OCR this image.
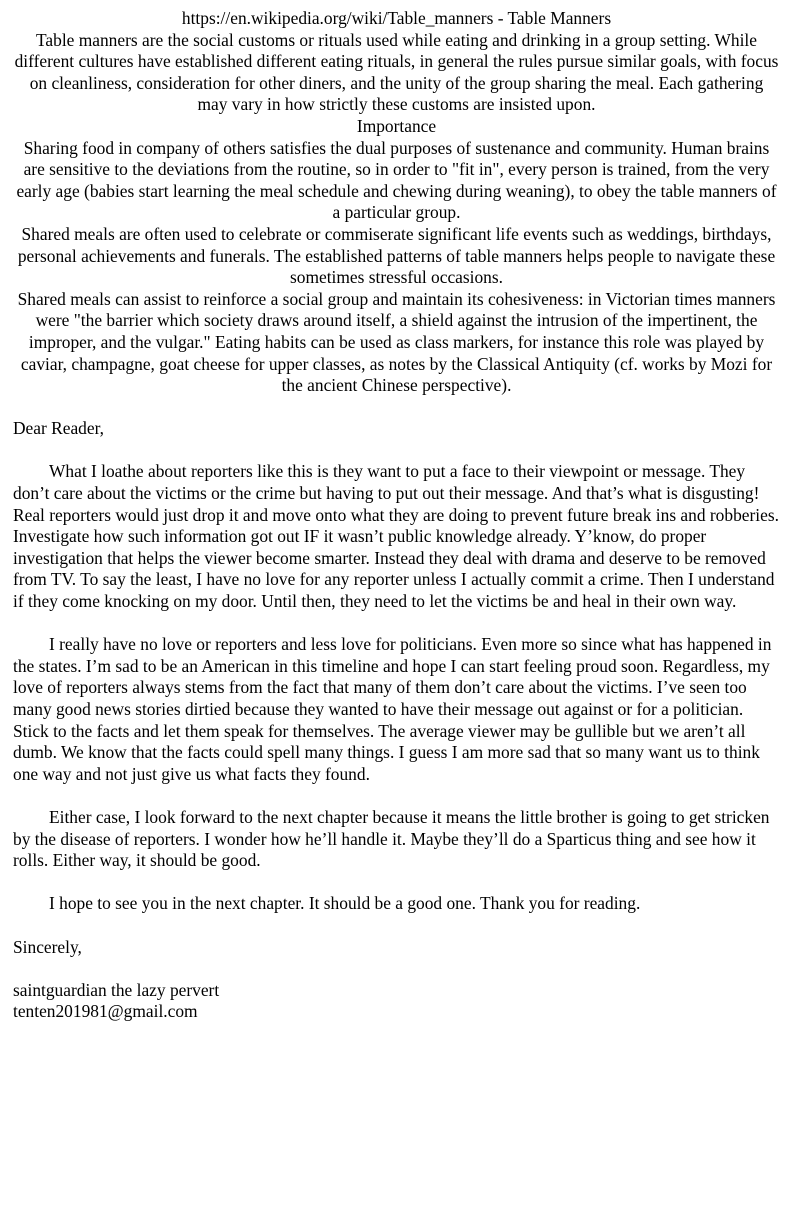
https://en.wikipedia.org/wiki/Table_manners - Table Manners

Table manners are the social customs or rituals used while eating and drinking in a group setting. While different cultures have established different eating rituals, in general the rules pursue similar goals, with focus on cleanliness, consideration for other diners, and the unity of the group sharing the meal. Each gathering may vary in how strictly these customs are insisted upon.

Importance

Sharing food in company of others satisfies the dual purposes of sustenance and community. Human brains are sensitive to the deviations from the routine, so in order to "fit in", every person is trained, from the very early age (babies start learning the meal schedule and chewing during weaning), to obey the table manners of a particular group.

Shared meals are often used to celebrate or commiserate significant life events such as weddings, birthdays, personal achievements and funerals. The established patterns of table manners helps people to navigate these sometimes stressful occasions.

Shared meals can assist to reinforce a social group and maintain its cohesiveness: in Victorian times manners were "the barrier which society draws around itself, a shield against the intrusion of the impertinent, the improper, and the vulgar." Eating habits can be used as class markers, for instance this role was played by caviar, champagne, goat cheese for upper classes, as notes by the Classical Antiquity (cf. works by Mozi for the ancient Chinese perspective).

Dear Reader,

What I loathe about reporters like this is they want to put a face to their viewpoint or message. They don’t care about the victims or the crime but having to put out their message. And that’s what is disgusting! Real reporters would just drop it and move onto what they are doing to prevent future break ins and robberies. Investigate how such information got out IF it wasn’t public knowledge already. Y’know, do proper investigation that helps the viewer become smarter. Instead they deal with drama and deserve to be removed from TV. To say the least, I have no love for any reporter unless I actually commit a crime. Then I understand if they come knocking on my door. Until then, they need to let the victims be and heal in their own way.

I really have no love or reporters and less love for politicians. Even more so since what has happened in the states. I’m sad to be an American in this timeline and hope I can start feeling proud soon. Regardless, my love of reporters always stems from the fact that many of them don’t care about the victims. I’ve seen too many good news stories dirtied because they wanted to have their message out against or for a politician. Stick to the facts and let them speak for themselves. The average viewer may be gullible but we aren’t all dumb. We know that the facts could spell many things. I guess I am more sad that so many want us to think one way and not just give us what facts they found.

Either case, I look forward to the next chapter because it means the little brother is going to get stricken by the disease of reporters. I wonder how he’ll handle it. Maybe they’ll do a Sparticus thing and see how it rolls. Either way, it should be good.

I hope to see you in the next chapter. It should be a good one. Thank you for reading.

Sincerely,

saintguardian the lazy pervert

tenten201981@gmail.com
